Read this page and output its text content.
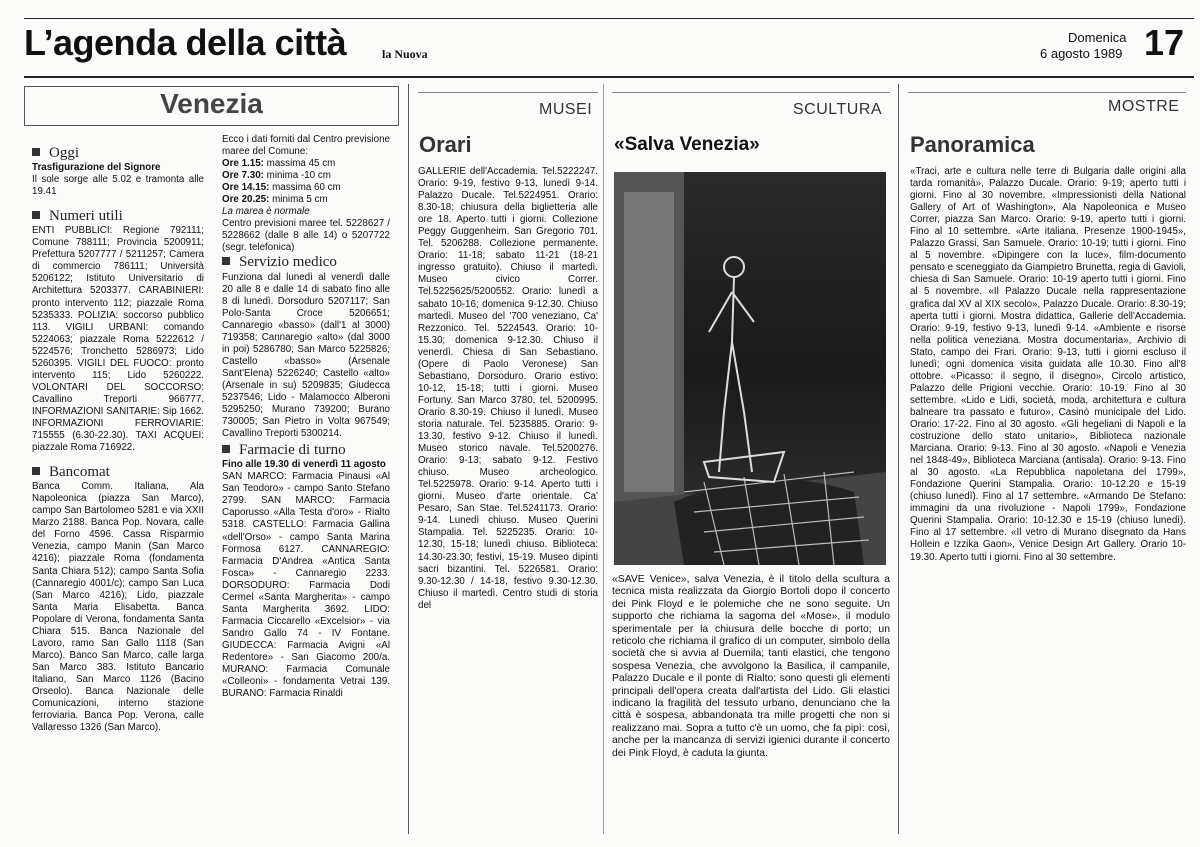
L’agenda della città	la Nuova
Domenica
6 agosto 1989 17
Venezia	MUSEI	SCULTURA	MOSTRE
Orari	«Salva Venezia»	Panoramica
Oggi

Trasfigurazione del Signore

Il sole sorge alle 5.02 e tramonta alle 19.41

Numeri utili

ENTI PUBBLICI: Regione 792111; Comune 788111; Provincia 5200911; Prefettura 5207777 / 5211257; Camera di commercio 786111; Università 5206122; Istituto Universitario di Architettura 5203377. CARABINIERI: pronto intervento 112; piazzale Roma 5235333. POLIZIA: soccorso pubblico 113. VIGILI URBANI: comando 5224063; piazzale Roma 5222612 / 5224576; Tronchetto 5286973; Lido 5260395. VIGILI DEL FUOCO: pronto intervento 115; Lido 5260222. VOLONTARI DEL SOCCORSO: Cavallino Treporti 966777. INFORMAZIONI SANITARIE: Sip 1662. INFORMAZIONI FERROVIARIE: 715555 (6.30-22.30). TAXI ACQUEI: piazzale Roma 716922.

Bancomat

Banca Comm. Italiana, Ala Napoleonica (piazza San Marco), campo San Bartolomeo 5281 e via XXII Marzo 2188. Banca Pop. Novara, calle del Forno 4596. Cassa Risparmio Venezia, campo Manin (San Marco 4216); piazzale Roma (fondamenta Santa Chiara 512); campo Santa Sofia (Cannaregio 4001/c); campo San Luca (San Marco 4216); Lido, piazzale Santa Maria Elisabetta. Banca Popolare di Verona, fondamenta Santa Chiara 515. Banca Nazionale del Lavoro, ramo San Gallo 1118 (San Marco). Banco San Marco, calle larga San Marco 383. Istituto Bancario Italiano, San Marco 1126 (Bacino Orseolo). Banca Nazionale delle Comunicazioni, interno stazione ferroviaria. Banca Pop. Verona, calle Vallaresso 1326 (San Marco).

Ecco i dati forniti dal Centro previsione maree del Comune:

Ore 1.15: massima 45 cm

Ore 7.30: minima -10 cm

Ore 14.15: massima 60 cm

Ore 20.25: minima 5 cm

La marea è normale

Centro previsioni maree tel. 5228627 / 5228662 (dalle 8 alle 14) o 5207722 (segr. telefonica)

Servizio medico

Funziona dal lunedì al venerdì dalle 20 alle 8 e dalle 14 di sabato fino alle 8 di lunedì. Dorsoduro 5207117; San Polo-Santa Croce 5206651; Cannaregio «basso» (dall'1 al 3000) 719358; Cannaregio «alto» (dal 3000 in poi) 5286780; San Marco 5225826; Castello «basso» (Arsenale Sant'Elena) 5226240; Castello «alto» (Arsenale in su) 5209835; Giudecca 5237546; Lido - Malamocco Alberoni 5295250; Murano 739200; Burano 730005; San Pietro in Volta 967549; Cavallino Treporti 5300214.

Farmacie di turno

Fino alle 19.30 di venerdì 11 agosto

SAN MARCO: Farmacia Pinausi «Al San Teodoro» - campo Santo Stefano 2799. SAN MARCO: Farmacia Caporusso «Alla Testa d'oro» - Rialto 5318. CASTELLO: Farmacia Gallina «dell'Orso» - campo Santa Marina Formosa 6127. CANNAREGIO: Farmacia D'Andrea «Antica Santa Fosca» - Cannaregio 2233. DORSODURO: Farmacia Dodi Cermel «Santa Margherita» - campo Santa Margherita 3692. LIDO: Farmacia Ciccarello «Excelsior» - via Sandro Gallo 74 - IV Fontane. GIUDECCA: Farmacia Avigni «Al Redentore» - San Giacomo 200/a. MURANO: Farmacia Comunale «Colleoni» - fondamenta Vetrai 139. BURANO: Farmacia Rinaldi

GALLERIE dell'Accademia. Tel.5222247. Orario: 9-19, festivo 9-13, lunedì 9-14. Palazzo Ducale. Tel.5224951. Orario: 8.30-18; chiusura della biglietteria alle ore 18. Aperto tutti i giorni. Collezione Peggy Guggenheim. San Gregorio 701. Tel. 5206288. Collezione permanente. Orario: 11-18; sabato 11-21 (18-21 ingresso gratuito). Chiuso il martedì. Museo civico Correr. Tel.5225625/5200552. Orario: lunedì a sabato 10-16; domenica 9-12.30. Chiuso martedì. Museo del '700 veneziano, Ca' Rezzonico. Tel. 5224543. Orario: 10-15.30; domenica 9-12.30. Chiuso il venerdì. Chiesa di San Sebastiano. (Opere di Paolo Veronese) San Sebastiano, Dorsoduro. Orario estivo: 10-12, 15-18; tutti i giorni. Museo Fortuny. San Marco 3780, tel. 5200995. Orario 8.30-19. Chiuso il lunedì. Museo storia naturale. Tel. 5235885. Orario: 9-13.30, festivo 9-12. Chiuso il lunedì. Museo storico navale. Tel.5200276. Orario: 9-13; sabato 9-12. Festivo chiuso. Museo archeologico. Tel.5225978. Orario: 9-14. Aperto tutti i giorni. Museo d'arte orientale. Ca' Pesaro, San Stae. Tel.5241173. Orario: 9-14. Lunedì chiuso. Museo Querini Stampalia. Tel. 5225235. Orario: 10-12.30, 15-18; lunedì chiuso. Biblioteca: 14.30-23.30; festivi, 15-19. Museo dipinti sacri bizantini. Tel. 5226581. Orario: 9.30-12.30 / 14-18, festivo 9.30-12.30. Chiuso il martedì. Centro studi di storia del

«SAVE Venice», salva Venezia, è il titolo della scultura a tecnica mista realizzata da Giorgio Bortoli dopo il concerto dei Pink Floyd e le polemiche che ne sono seguite. Un supporto che richiama la sagoma del «Mose», il modulo sperimentale per la chiusura delle bocche di porto; un reticolo che richiama il grafico di un computer, simbolo della società che si avvia al Duemila; tanti elastici, che tengono sospesa Venezia, che avvolgono la Basilica, il campanile, Palazzo Ducale e il ponte di Rialto: sono questi gli elementi principali dell'opera creata dall'artista del Lido. Gli elastici indicano la fragilità del tessuto urbano, denunciano che la città è sospesa, abbandonata tra mille progetti che non si realizzano mai. Sopra a tutto c'è un uomo, che fa pipì: così, anche per la mancanza di servizi igienici durante il concerto dei Pink Floyd, è caduta la giunta.

«Traci, arte e cultura nelle terre di Bulgaria dalle origini alla tarda romanità», Palazzo Ducale. Orario: 9-19; aperto tutti i giorni. Fino al 30 novembre. «Impressionisti della National Gallery of Art of Washington», Ala Napoleonica e Museo Correr, piazza San Marco. Orario: 9-19, aperto tutti i giorni. Fino al 10 settembre. «Arte italiana. Presenze 1900-1945», Palazzo Grassi, San Samuele. Orario: 10-19; tutti i giorni. Fino al 5 novembre. «Dipingere con la luce», film-documento pensato e sceneggiato da Giampietro Brunetta, regia di Gavioli, chiesa di San Samuele. Orario: 10-19 aperto tutti i giorni. Fino al 5 novembre. «Il Palazzo Ducale nella rappresentazione grafica dal XV al XIX secolo», Palazzo Ducale. Orario: 8.30-19; aperta tutti i giorni. Mostra didattica, Gallerie dell'Accademia. Orario: 9-19, festivo 9-13, lunedì 9-14. «Ambiente e risorse nella politica veneziana. Mostra documentaria», Archivio di Stato, campo dei Frari. Orario: 9-13, tutti i giorni escluso il lunedì; ogni domenica visita guidata alle 10.30. Fino all'8 ottobre. «Picasso: il segno, il disegno», Circolo artistico, Palazzo delle Prigioni vecchie. Orario: 10-19. Fino al 30 settembre. «Lido e Lidi, società, moda, architettura e cultura balneare tra passato e futuro», Casinò municipale del Lido. Orario: 17-22. Fino al 30 agosto. «Gli hegeliani di Napoli e la costruzione dello stato unitario», Biblioteca nazionale Marciana. Orario: 9-13. Fino al 30 agosto. «Napoli e Venezia nel 1848-49», Biblioteca Marciana (antisala). Orario: 9-13. Fino al 30 agosto. «La Repubblica napoletana del 1799», Fondazione Querini Stampalia. Orario: 10-12.20 e 15-19 (chiuso lunedì). Fino al 17 settembre. «Armando De Stefano: immagini da una rivoluzione - Napoli 1799», Fondazione Querini Stampalia. Orario: 10-12.30 e 15-19 (chiuso lunedì). Fino al 17 settembre. «Il vetro di Murano disegnato da Hans Hollein e Izzika Gaon», Venice Design Art Gallery. Orario 10-19.30. Aperto tutti i giorni. Fino al 30 settembre.
